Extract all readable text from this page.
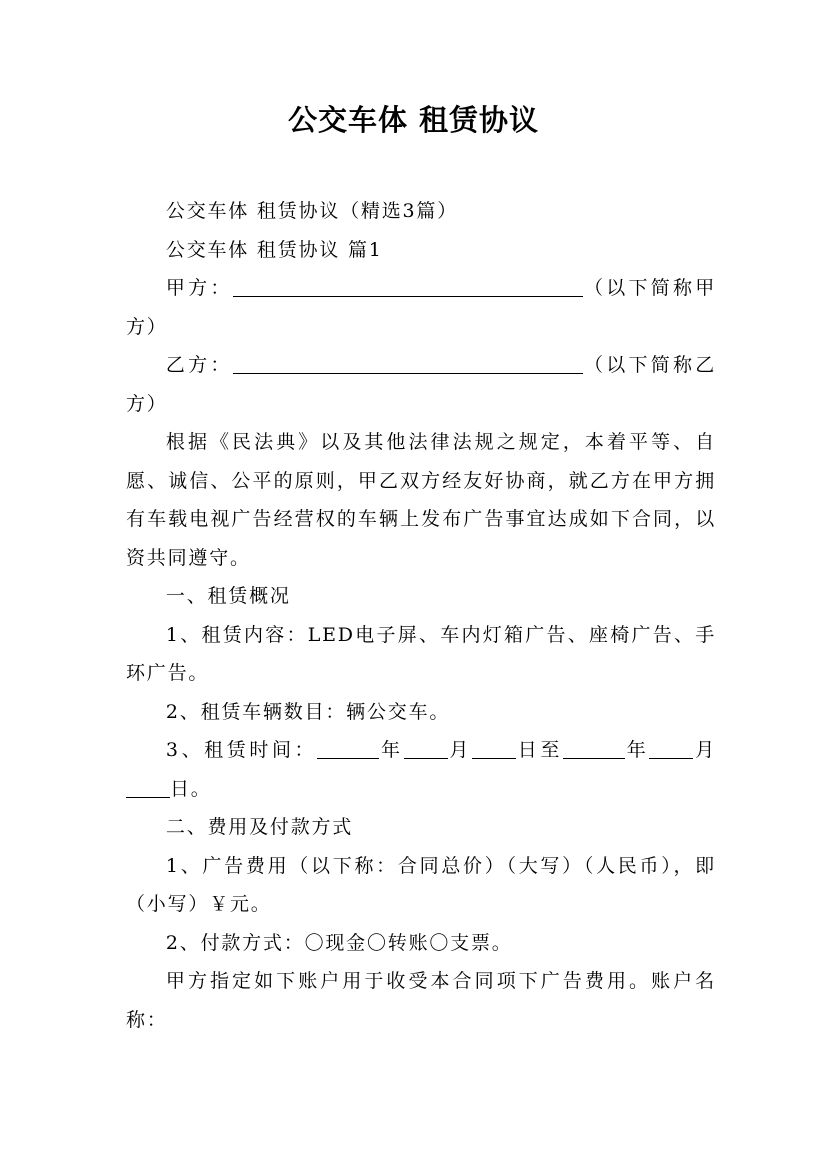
公交车体 租赁协议

公交车体 租赁协议（精选3篇）

公交车体 租赁协议 篇1

甲方：	（以下简称甲方）

乙方：	（以下简称乙方）

根据《民法典》以及其他法律法规之规定，本着平等、自愿、诚信、公平的原则，甲乙双方经友好协商，就乙方在甲方拥有车载电视广告经营权的车辆上发布广告事宜达成如下合同，以资共同遵守。

一、租赁概况

1、租赁内容：LED电子屏、车内灯箱广告、座椅广告、手环广告。

2、租赁车辆数目：辆公交车。

3、租赁时间：	年 月 日至	年 月日。

二、费用及付款方式

1、广告费用（以下称：合同总价）（大写）（人民币），即（小写）￥元。

2、付款方式：〇现金〇转账〇支票。

甲方指定如下账户用于收受本合同项下广告费用。账户名称：
